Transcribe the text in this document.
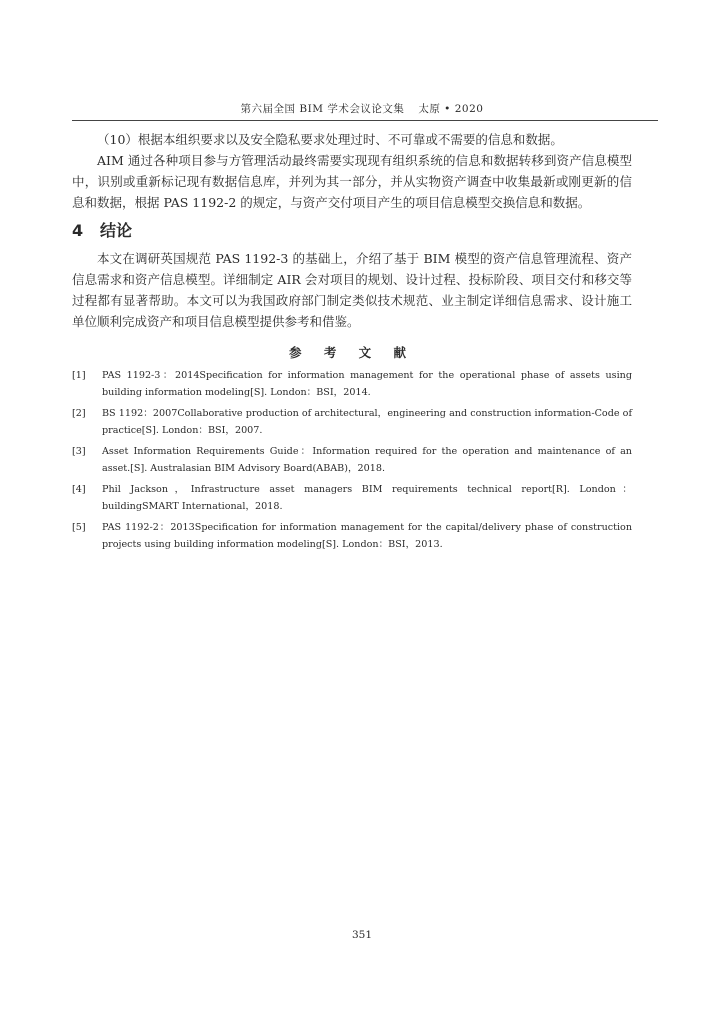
第六届全国 BIM 学术会议论文集 太原 • 2020

（10）根据本组织要求以及安全隐私要求处理过时、不可靠或不需要的信息和数据。

AIM 通过各种项目参与方管理活动最终需要实现现有组织系统的信息和数据转移到资产信息模型中，识别或重新标记现有数据信息库，并列为其一部分，并从实物资产调查中收集最新或刚更新的信息和数据，根据 PAS 1192-2 的规定，与资产交付项目产生的项目信息模型交换信息和数据。

4 结论

本文在调研英国规范 PAS 1192-3 的基础上，介绍了基于 BIM 模型的资产信息管理流程、资产信息需求和资产信息模型。详细制定 AIR 会对项目的规划、设计过程、投标阶段、项目交付和移交等过程都有显著帮助。本文可以为我国政府部门制定类似技术规范、业主制定详细信息需求、设计施工单位顺利完成资产和项目信息模型提供参考和借鉴。

参 考 文 献
[1] PAS 1192-3：2014Specification for information management for the operational phase of assets using building information modeling[S]. London：BSI，2014.
[2] BS 1192：2007Collaborative production of architectural，engineering and construction information-Code of practice[S]. London：BSI，2007.
[3] Asset Information Requirements Guide：Information required for the operation and maintenance of an asset.[S]. Australasian BIM Advisory Board(ABAB)，2018.
[4] Phil Jackson，Infrastructure asset managers BIM requirements technical report[R]. London：buildingSMART International，2018.
[5] PAS 1192-2：2013Specification for information management for the capital/delivery phase of construction projects using building information modeling[S]. London：BSI，2013.
351
